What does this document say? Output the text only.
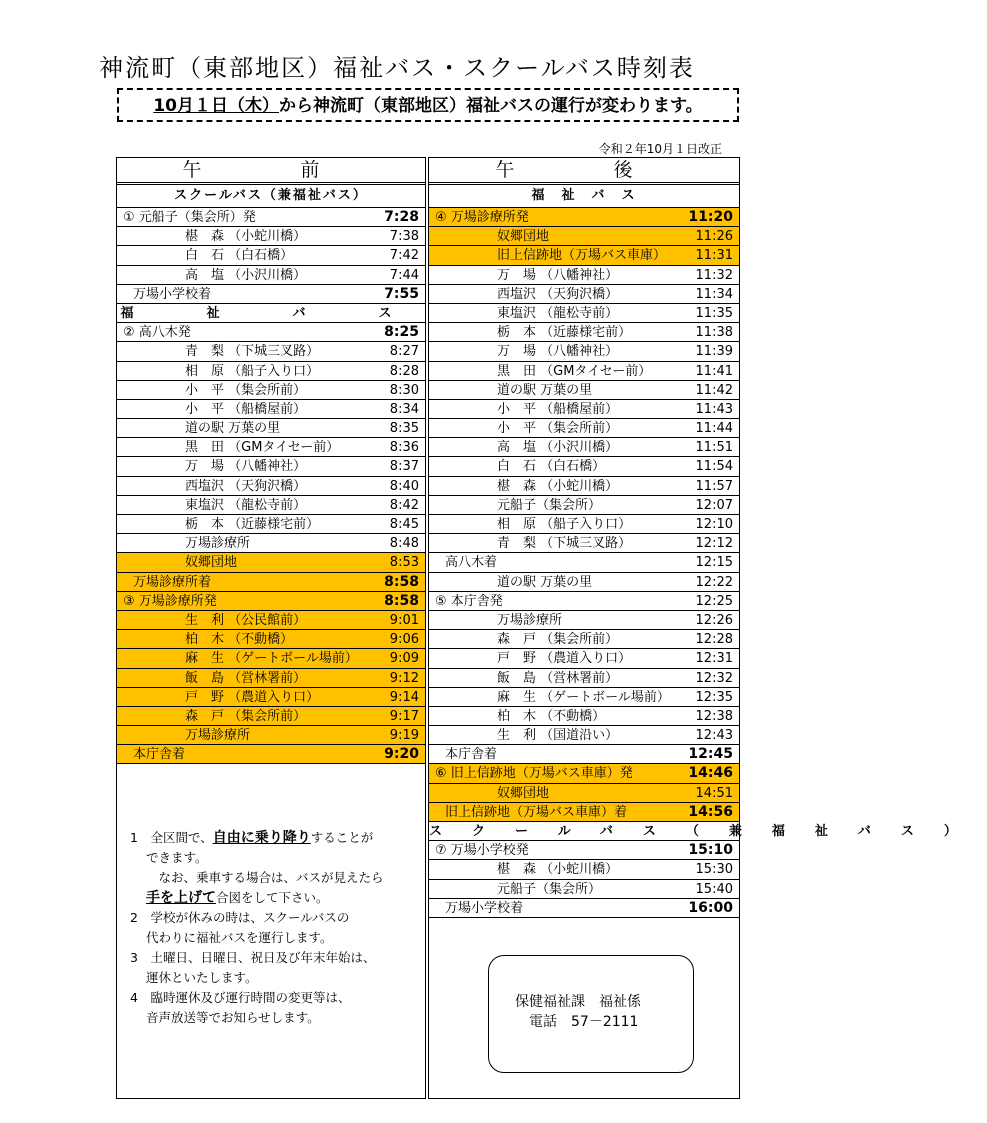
神流町（東部地区）福祉バス・スクールバス時刻表
10月１日（木）から神流町（東部地区）福祉バスの運行が変わります。
令和２年10月１日改正
午　前
スクールバス（兼福祉バス）
① 元船子（集会所）発	7:28
椹　森 （小蛇川橋）	7:38
白　石 （白石橋）	7:42
高　塩 （小沢川橋）	7:44
万場小学校着	7:55
福　祉　バ　ス
② 高八木発	8:25
青　梨 （下城三叉路）	8:27
相　原 （船子入り口）	8:28
小　平 （集会所前）	8:30
小　平 （船橋屋前）	8:34
道の駅 万葉の里	8:35
黒　田 （GMタイセー前）	8:36
万　場 （八幡神社）	8:37
西塩沢 （天狗沢橋）	8:40
東塩沢 （龍松寺前）	8:42
栃　本 （近藤様宅前）	8:45
万場診療所	8:48
奴郷団地	8:53
万場診療所着	8:58
③ 万場診療所発	8:58
生　利 （公民館前）	9:01
柏　木 （不動橋）	9:06
麻　生 （ゲートボール場前） 9:09
飯　島 （営林署前）	9:12
戸　野 （農道入り口）	9:14
森　戸 （集会所前）	9:17
万場診療所	9:19
本庁舎着	9:20
午　後
福　祉　バ　ス
④ 万場診療所発	11:20
奴郷団地	11:26
旧上信跡地（万場バス車庫） 11:31
万　場 （八幡神社）	11:32
西塩沢 （天狗沢橋）	11:34
東塩沢 （龍松寺前）	11:35
栃　本 （近藤様宅前）	11:38
万　場 （八幡神社）	11:39
黒　田 （GMタイセー前）	11:41
道の駅 万葉の里	11:42
小　平 （船橋屋前）	11:43
小　平 （集会所前）	11:44
高　塩 （小沢川橋）	11:51
白　石 （白石橋）	11:54
椹　森 （小蛇川橋）	11:57
元船子（集会所）	12:07
相　原 （船子入り口）	12:10
青　梨 （下城三叉路）	12:12
高八木着	12:15
道の駅 万葉の里	12:22
⑤ 本庁舎発	12:25
万場診療所	12:26
森　戸 （集会所前）	12:28
戸　野 （農道入り口）	12:31
飯　島 （営林署前）	12:32
麻　生 （ゲートボール場前） 12:35
柏　木 （不動橋）	12:38
生　利 （国道沿い）	12:43
本庁舎着	12:45
⑥ 旧上信跡地（万場バス車庫）発	14:46
奴郷団地	14:51
旧上信跡地（万場バス車庫）着	14:56
スクールバス（兼福祉バス）
⑦ 万場小学校発	15:10
椹　森 （小蛇川橋）	15:30
元船子（集会所）	15:40
万場小学校着	16:00

1　 全区間で、自由に乗り降りすることが

できます。

　なお、乗車する場合は、バスが見えたら

手を上げて合図をして下さい。

2　 学校が休みの時は、スクールバスの

代わりに福祉バスを運行します。

3　 土曜日、日曜日、祝日及び年末年始は、

運休といたします。

4　 臨時運休及び運行時間の変更等は、

音声放送等でお知らせします。

保健福祉課　福祉係
電話　57－2111
